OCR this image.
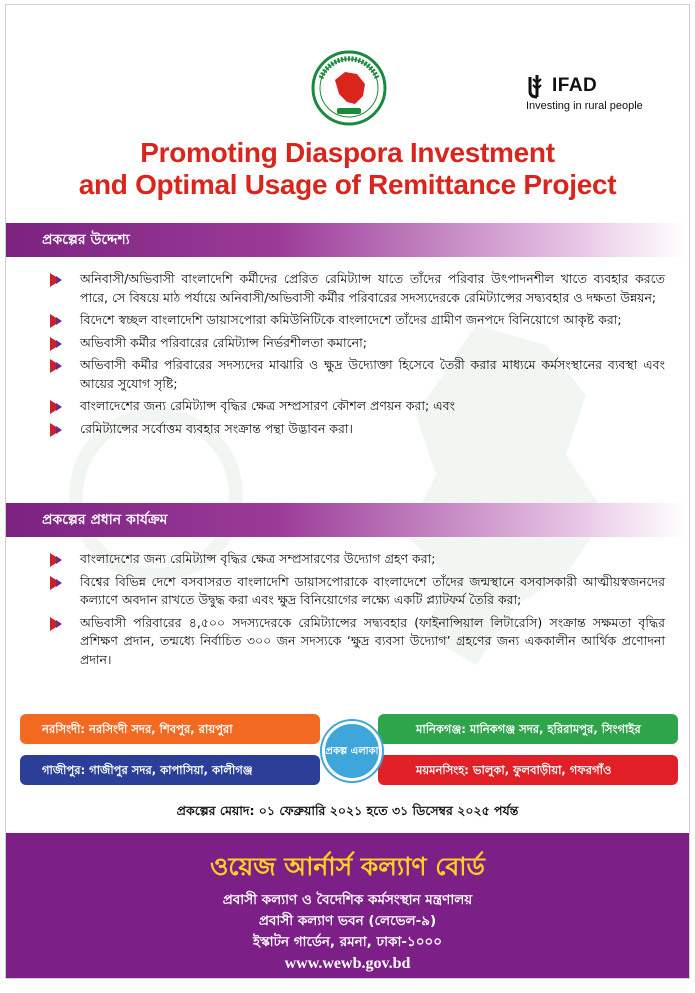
IFAD
Investing in rural people
Promoting Diaspora Investment
and Optimal Usage of Remittance Project
প্রকল্পের উদ্দেশ্য
অনিবাসী/অভিবাসী বাংলাদেশি কর্মীদের প্রেরিত রেমিট্যান্স যাতে তাঁদের পরিবার উৎপাদনশীল খাতে ব্যবহার করতে পারে, সে বিষয়ে মাঠ পর্যায়ে অনিবাসী/অভিবাসী কর্মীর পরিবারের সদস্যদেরকে রেমিট্যান্সের সদ্ব্যবহার ও দক্ষতা উন্নয়ন;
বিদেশে স্বচ্ছল বাংলাদেশি ডায়াসপোরা কমিউনিটিকে বাংলাদেশে তাঁদের গ্রামীণ জনপদে বিনিয়োগে আকৃষ্ট করা;
অভিবাসী কর্মীর পরিবারের রেমিট্যান্স নির্ভরশীলতা কমানো;
অভিবাসী কর্মীর পরিবারের সদস্যদের মাঝারি ও ক্ষুদ্র উদ্যোক্তা হিসেবে তৈরী করার মাধ্যমে কর্মসংস্থানের ব্যবস্থা এবং আয়ের সুযোগ সৃষ্টি;
বাংলাদেশের জন্য রেমিট্যান্স বৃদ্ধির ক্ষেত্র সম্প্রসারণ কৌশল প্রণয়ন করা; এবং
রেমিট্যান্সের সর্বোত্তম ব্যবহার সংক্রান্ত পন্থা উদ্ভাবন করা।
প্রকল্পের প্রধান কার্যক্রম
বাংলাদেশের জন্য রেমিট্যান্স বৃদ্ধির ক্ষেত্র সম্প্রসারণের উদ্যোগ গ্রহণ করা;
বিশ্বের বিভিন্ন দেশে বসবাসরত বাংলাদেশি ডায়াসপোরাকে বাংলাদেশে তাঁদের জন্মস্থানে বসবাসকারী আত্মীয়স্বজনদের কল্যাণে অবদান রাখতে উদ্বুদ্ধ করা এবং ক্ষুদ্র বিনিয়োগের লক্ষ্যে একটি প্ল্যাটফর্ম তৈরি করা;
অভিবাসী পরিবারের ৪,৫০০ সদস্যদেরকে রেমিট্যান্সের সদ্ব্যবহার (ফাইনান্সিয়াল লিটারেসি) সংক্রান্ত সক্ষমতা বৃদ্ধির প্রশিক্ষণ প্রদান, তন্মধ্যে নির্বাচিত ৩০০ জন সদস্যকে ‘ক্ষুদ্র ব্যবসা উদ্যোগ’ গ্রহণের জন্য এককালীন আর্থিক প্রণোদনা প্রদান।
নরসিংদী: নরসিংদী সদর, শিবপুর, রায়পুরা	মানিকগঞ্জ: মানিকগঞ্জ সদর, হরিরামপুর, সিংগাইর
গাজীপুর: গাজীপুর সদর, কাপাসিয়া, কালীগঞ্জ	ময়মনসিংহ: ভালুকা, ফুলবাড়ীয়া, গফরগাঁও
প্রকল্প এলাকা
প্রকল্পের মেয়াদ: ০১ ফেব্রুয়ারি ২০২১ হতে ৩১ ডিসেম্বর ২০২৫ পর্যন্ত
ওয়েজ আর্নার্স কল্যাণ বোর্ড
প্রবাসী কল্যাণ ও বৈদেশিক কর্মসংস্থান মন্ত্রণালয়
প্রবাসী কল্যাণ ভবন (লেভেল-৯)
ইস্কাটন গার্ডেন, রমনা, ঢাকা-১০০০
www.wewb.gov.bd
